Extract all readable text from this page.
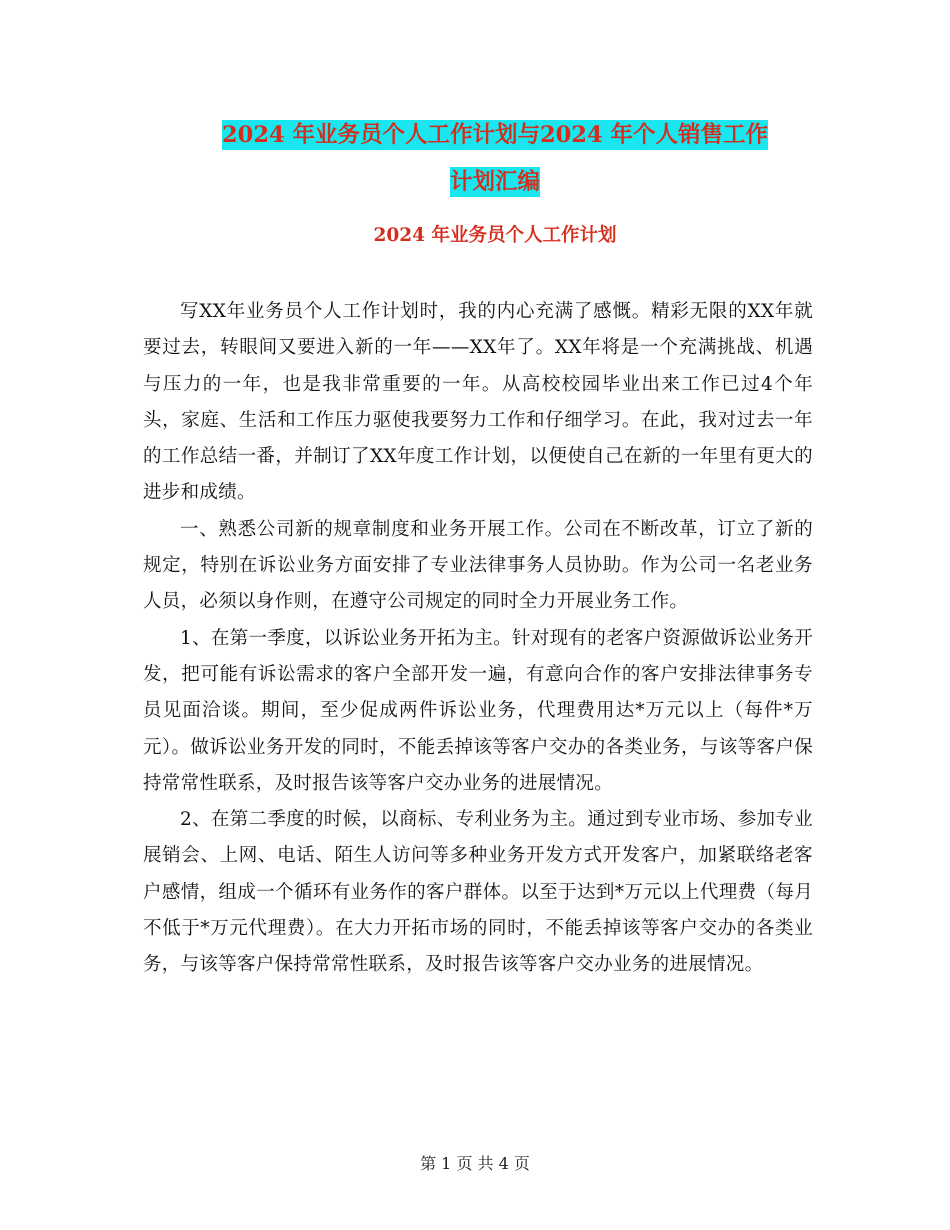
2024 年业务员个人工作计划与2024 年个人销售工作
计划汇编
2024 年业务员个人工作计划

写XX年业务员个人工作计划时，我的内心充满了感慨。精彩无限的XX年就要过去，转眼间又要进入新的一年——XX年了。XX年将是一个充满挑战、机遇与压力的一年，也是我非常重要的一年。从高校校园毕业出来工作已过4个年头，家庭、生活和工作压力驱使我要努力工作和仔细学习。在此，我对过去一年的工作总结一番，并制订了XX年度工作计划，以便使自己在新的一年里有更大的进步和成绩。

一、熟悉公司新的规章制度和业务开展工作。公司在不断改革，订立了新的规定，特别在诉讼业务方面安排了专业法律事务人员协助。作为公司一名老业务人员，必须以身作则，在遵守公司规定的同时全力开展业务工作。

1、在第一季度，以诉讼业务开拓为主。针对现有的老客户资源做诉讼业务开发，把可能有诉讼需求的客户全部开发一遍，有意向合作的客户安排法律事务专员见面洽谈。期间，至少促成两件诉讼业务，代理费用达*万元以上（每件*万元）。做诉讼业务开发的同时，不能丢掉该等客户交办的各类业务，与该等客户保持常常性联系，及时报告该等客户交办业务的进展情况。

2、在第二季度的时候，以商标、专利业务为主。通过到专业市场、参加专业展销会、上网、电话、陌生人访问等多种业务开发方式开发客户，加紧联络老客户感情，组成一个循环有业务作的客户群体。以至于达到*万元以上代理费（每月不低于*万元代理费）。在大力开拓市场的同时，不能丢掉该等客户交办的各类业务，与该等客户保持常常性联系，及时报告该等客户交办业务的进展情况。

第 1 页 共 4 页
